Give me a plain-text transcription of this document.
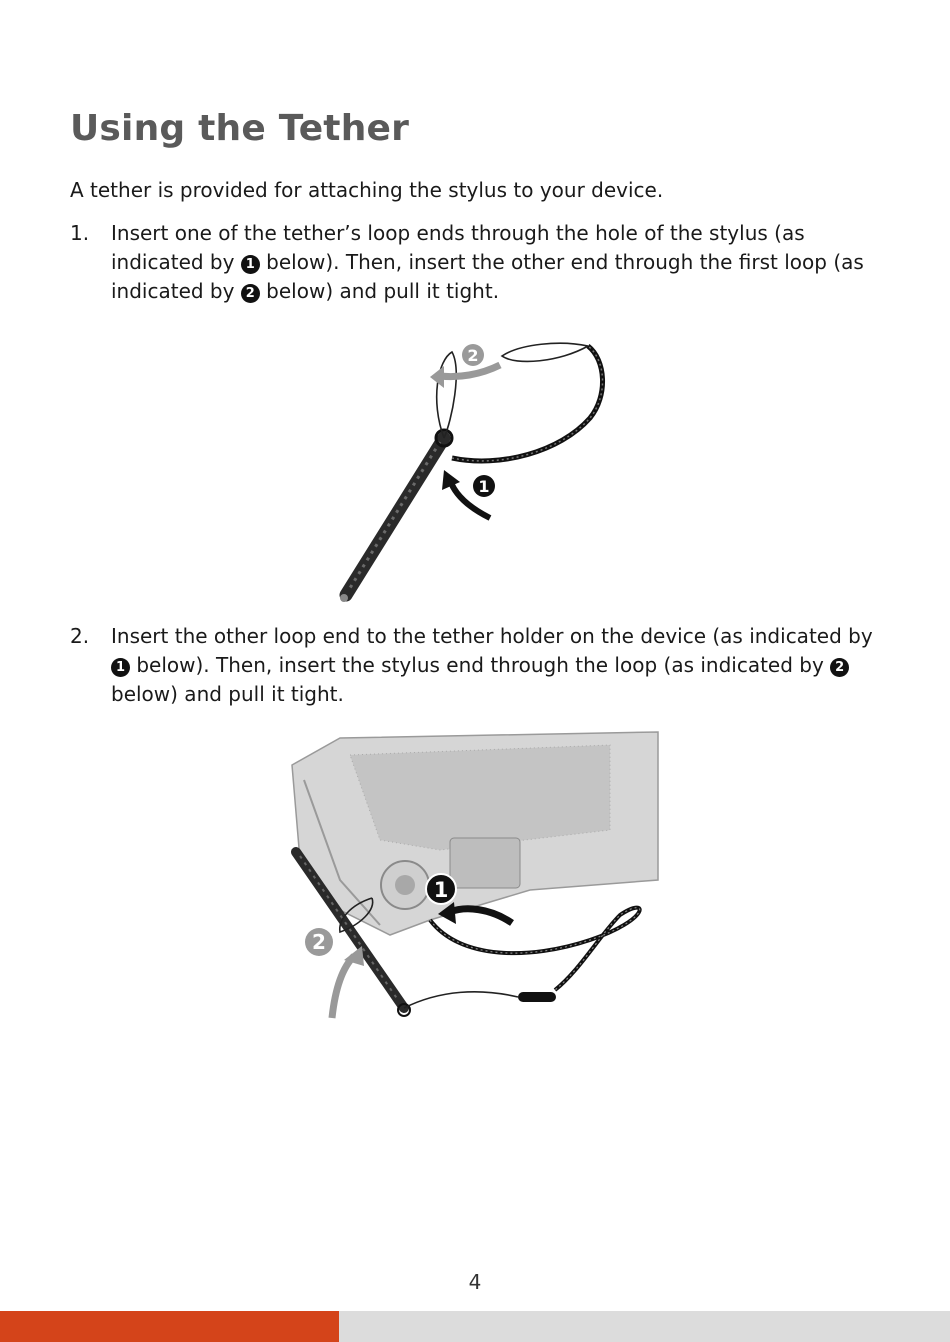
Using the Tether

A tether is provided for attaching the stylus to your device.

1. Insert one of the tether’s loop ends through the hole of the stylus (as indicated by 1 below). Then, insert the other end through the first loop (as indicated by 2 below) and pull it tight.
2
1
2. Insert the other loop end to the tether holder on the device (as indicated by 1 below). Then, insert the stylus end through the loop (as indicated by 2 below) and pull it tight.
1
2
4
